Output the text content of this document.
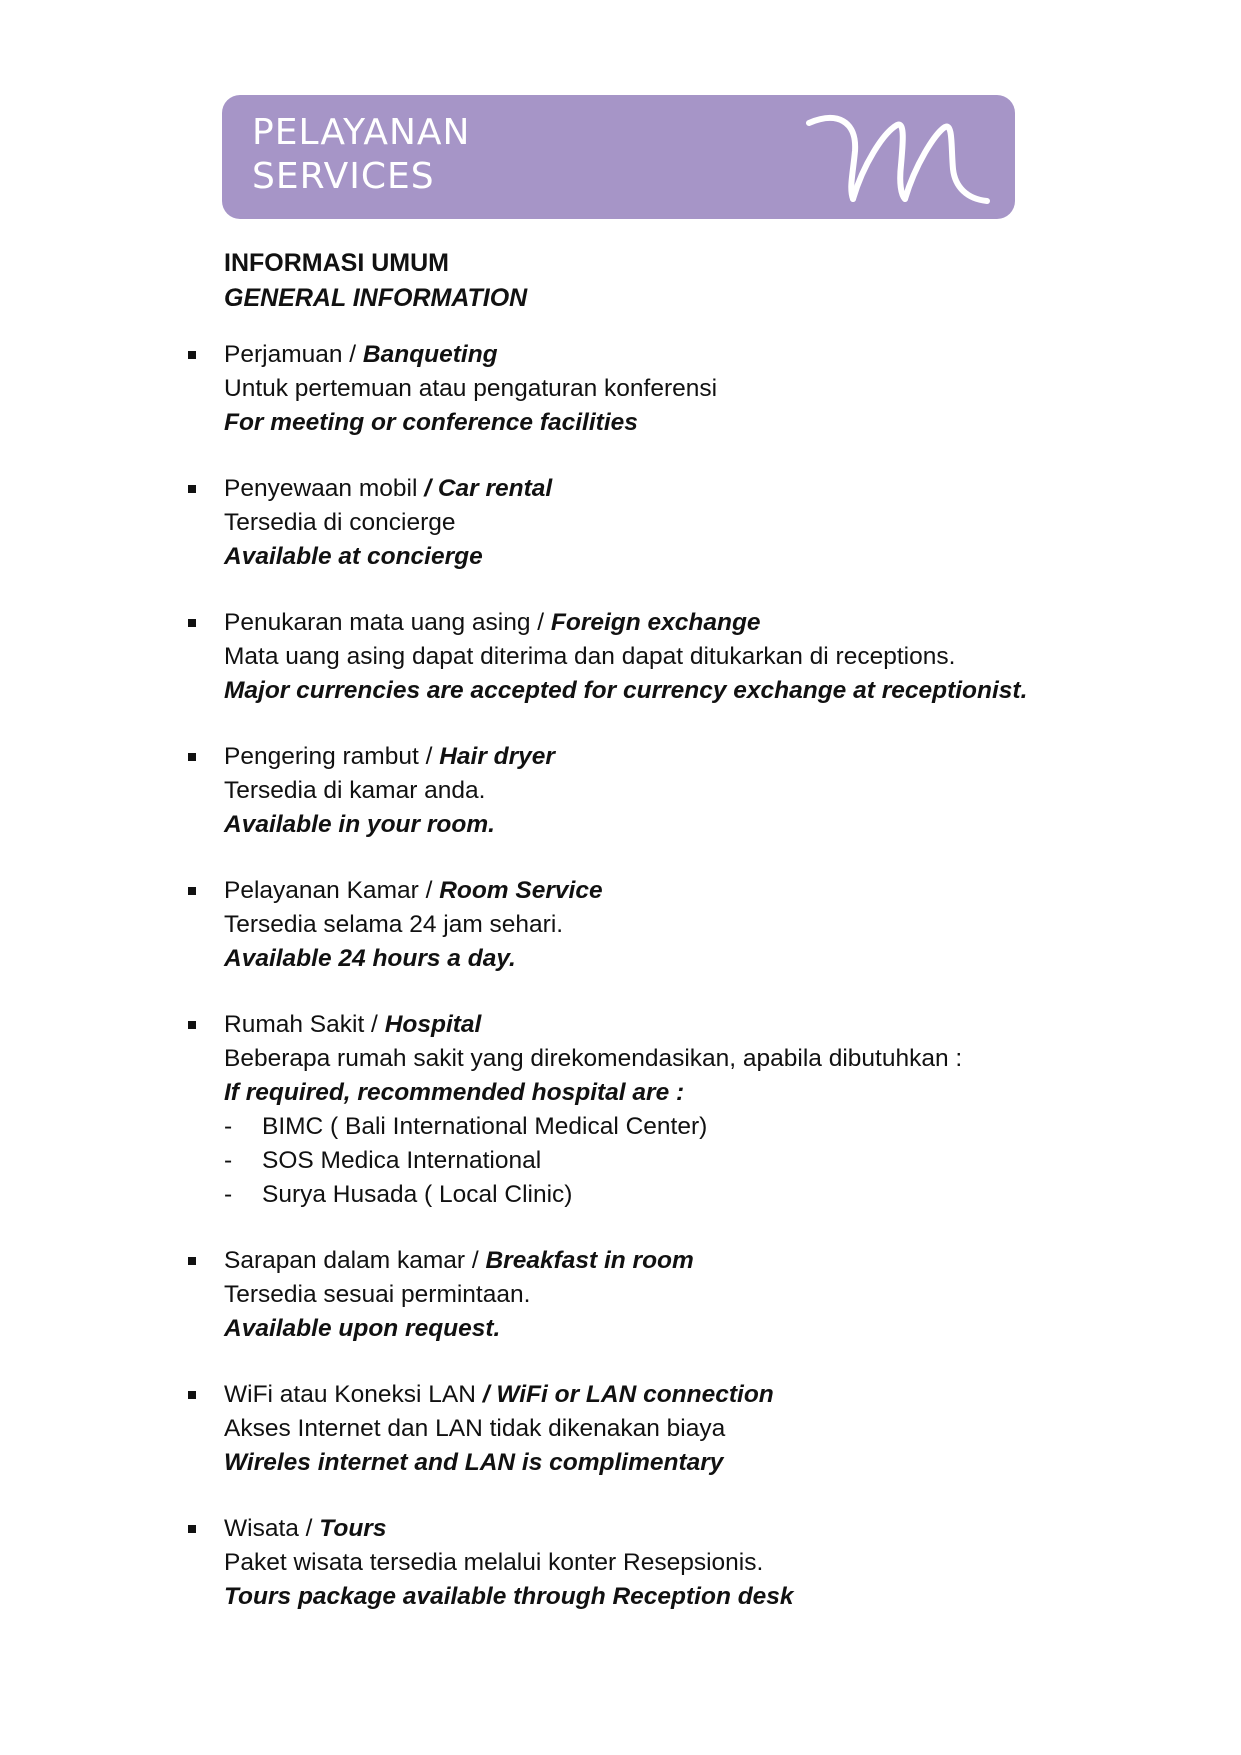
PELAYANAN
SERVICES
INFORMASI UMUM
GENERAL INFORMATION
Perjamuan / Banqueting
Untuk pertemuan atau pengaturan konferensi
For meeting or conference facilities
Penyewaan mobil / Car rental
Tersedia di concierge
Available at concierge
Penukaran mata uang asing / Foreign exchange
Mata uang asing dapat diterima dan dapat ditukarkan di receptions.
Major currencies are accepted for currency exchange at receptionist.
Pengering rambut / Hair dryer
Tersedia di kamar anda.
Available in your room.
Pelayanan Kamar / Room Service
Tersedia selama 24 jam sehari.
Available 24 hours a day.
Rumah Sakit / Hospital
Beberapa rumah sakit yang direkomendasikan, apabila dibutuhkan :
If required, recommended hospital are :
- BIMC ( Bali International Medical Center)
- SOS Medica International
- Surya Husada ( Local Clinic)
Sarapan dalam kamar / Breakfast in room
Tersedia sesuai permintaan.
Available upon request.
WiFi atau Koneksi LAN / WiFi or LAN connection
Akses Internet dan LAN tidak dikenakan biaya
Wireles internet and LAN is complimentary
Wisata / Tours
Paket wisata tersedia melalui konter Resepsionis.
Tours package available through Reception desk
